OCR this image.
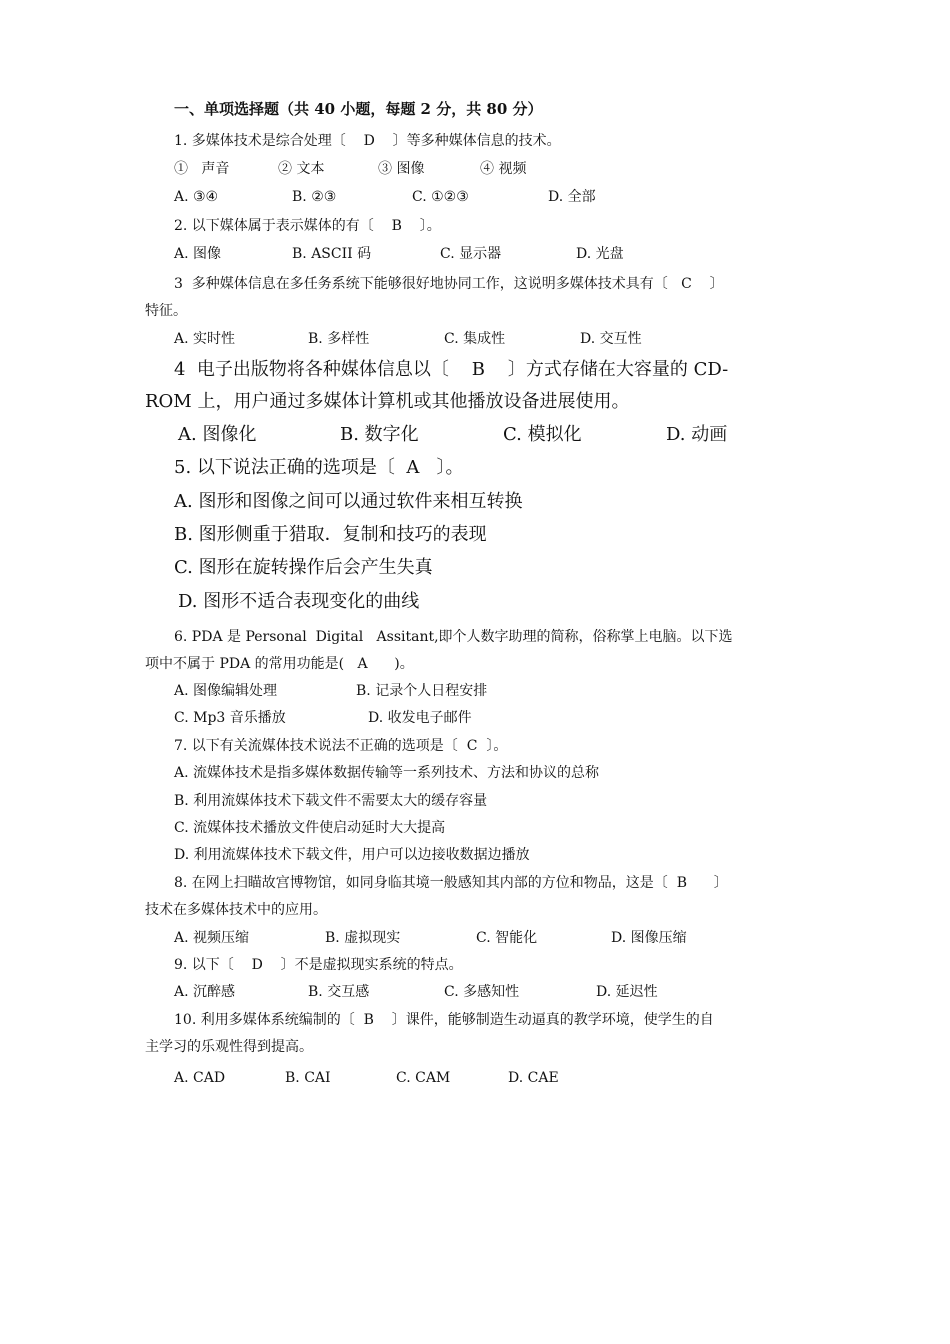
一、单项选择题（共 40 小题，每题 2 分，共 80 分）
1. 多媒体技术是综合处理〔    D    〕等多种媒体信息的技术。
①   声音	② 文本	③ 图像	④ 视频
A. ③④	B. ②③	C. ①②③	D. 全部
2. 以下媒体属于表示媒体的有〔    B    〕。
A. 图像	B. ASCII 码	C. 显示器	D. 光盘
3  多种媒体信息在多任务系统下能够很好地协同工作，这说明多媒体技术具有〔   C    〕
特征。
A. 实时性	B. 多样性	C. 集成性	D. 交互性
4  电子出版物将各种媒体信息以〔    B    〕方式存储在大容量的 CD-
ROM 上，用户通过多媒体计算机或其他播放设备进展使用。
A. 图像化	B. 数字化	C. 模拟化	D. 动画
5. 以下说法正确的选项是〔  A   〕。
A. 图形和图像之间可以通过软件来相互转换
B. 图形侧重于猎取．复制和技巧的表现
C. 图形在旋转操作后会产生失真
D. 图形不适合表现变化的曲线
6. PDA 是 Personal  Digital   Assitant,即个人数字助理的简称，俗称掌上电脑。以下选
项中不属于 PDA 的常用功能是(   A      )。
A. 图像编辑处理	B. 记录个人日程安排
C. Mp3 音乐播放	D. 收发电子邮件
7. 以下有关流媒体技术说法不正确的选项是〔  C  〕。
A. 流媒体技术是指多媒体数据传输等一系列技术、方法和协议的总称
B. 利用流媒体技术下载文件不需要太大的缓存容量
C. 流媒体技术播放文件使启动延时大大提高
D. 利用流媒体技术下载文件，用户可以边接收数据边播放
8. 在网上扫瞄故宫博物馆，如同身临其境一般感知其内部的方位和物品，这是〔  B      〕
技术在多媒体技术中的应用。
A. 视频压缩	B. 虚拟现实	C. 智能化	D. 图像压缩
9. 以下〔    D    〕不是虚拟现实系统的特点。
A. 沉醉感	B. 交互感	C. 多感知性	D. 延迟性
10. 利用多媒体系统编制的〔  B    〕课件，能够制造生动逼真的教学环境，使学生的自
主学习的乐观性得到提高。
A. CAD	B. CAI	C. CAM	D. CAE
